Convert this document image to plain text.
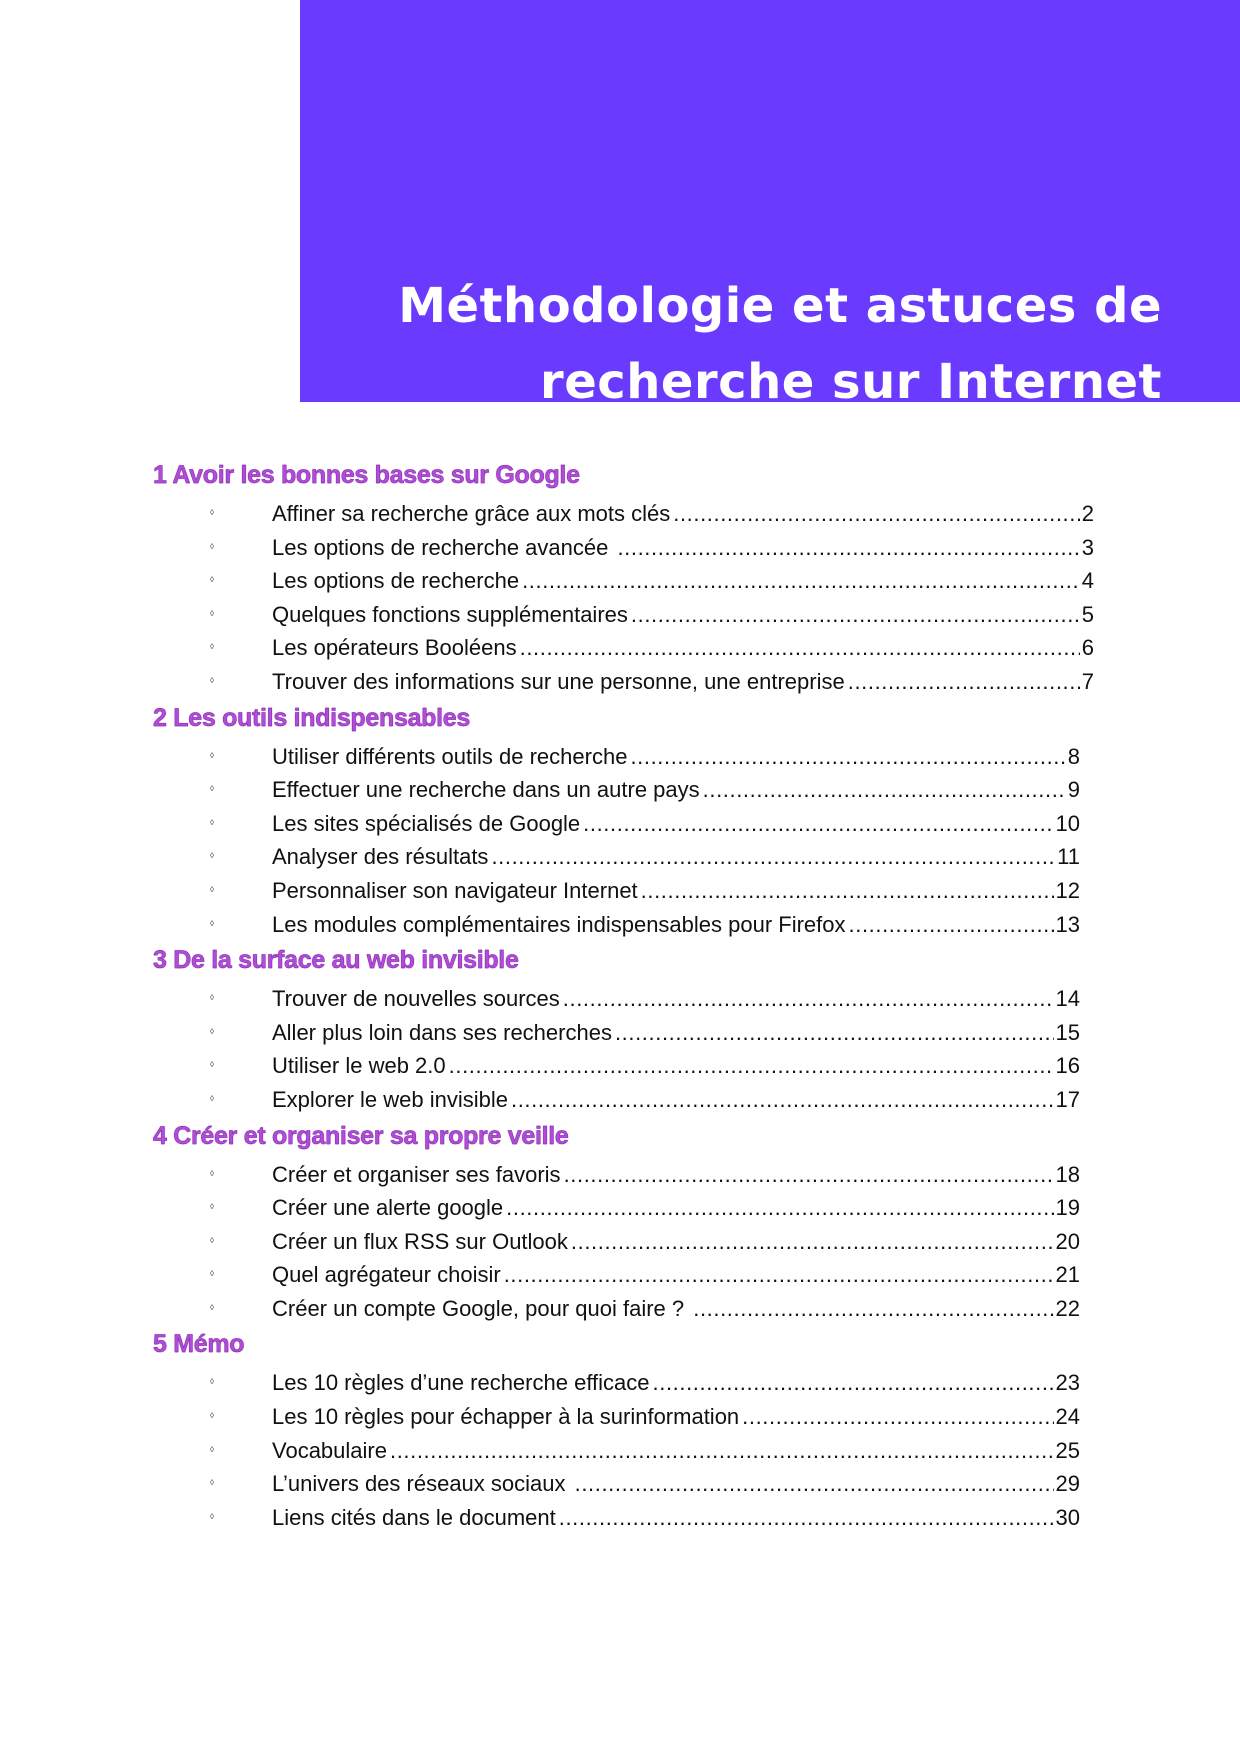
Méthodologie et astuces de
recherche sur Internet
1 Avoir les bonnes bases sur Google
◊	Affiner sa recherche grâce aux mots clés .....	2
◊	Les options de recherche avancée .....	3
◊	Les options de recherche .....	4
◊	Quelques fonctions supplémentaires .....	5
◊	Les opérateurs Booléens .....	6
◊	Trouver des informations sur une personne, une entreprise .....	7
2 Les outils indispensables
◊	Utiliser différents outils de recherche .....	8
◊	Effectuer une recherche dans un autre pays .....	9
◊	Les sites spécialisés de Google .....	10
◊	Analyser des résultats .....	11
◊	Personnaliser son navigateur Internet .....	12
◊	Les modules complémentaires indispensables pour Firefox .....	13
3 De la surface au web invisible
◊	Trouver de nouvelles sources .....	14
◊	Aller plus loin dans ses recherches .....	15
◊	Utiliser le web 2.0 .....	16
◊	Explorer le web invisible .....	17
4 Créer et organiser sa propre veille
◊	Créer et organiser ses favoris .....	18
◊	Créer une alerte google .....	19
◊	Créer un flux RSS sur Outlook .....	20
◊	Quel agrégateur choisir .....	21
◊	Créer un compte Google, pour quoi faire ? .....	22
5 Mémo
◊	Les 10 règles d’une recherche efficace .....	23
◊	Les 10 règles pour échapper à la surinformation .....	24
◊	Vocabulaire .....	25
◊	L’univers des réseaux sociaux .....	29
◊	Liens cités dans le document .....	30
